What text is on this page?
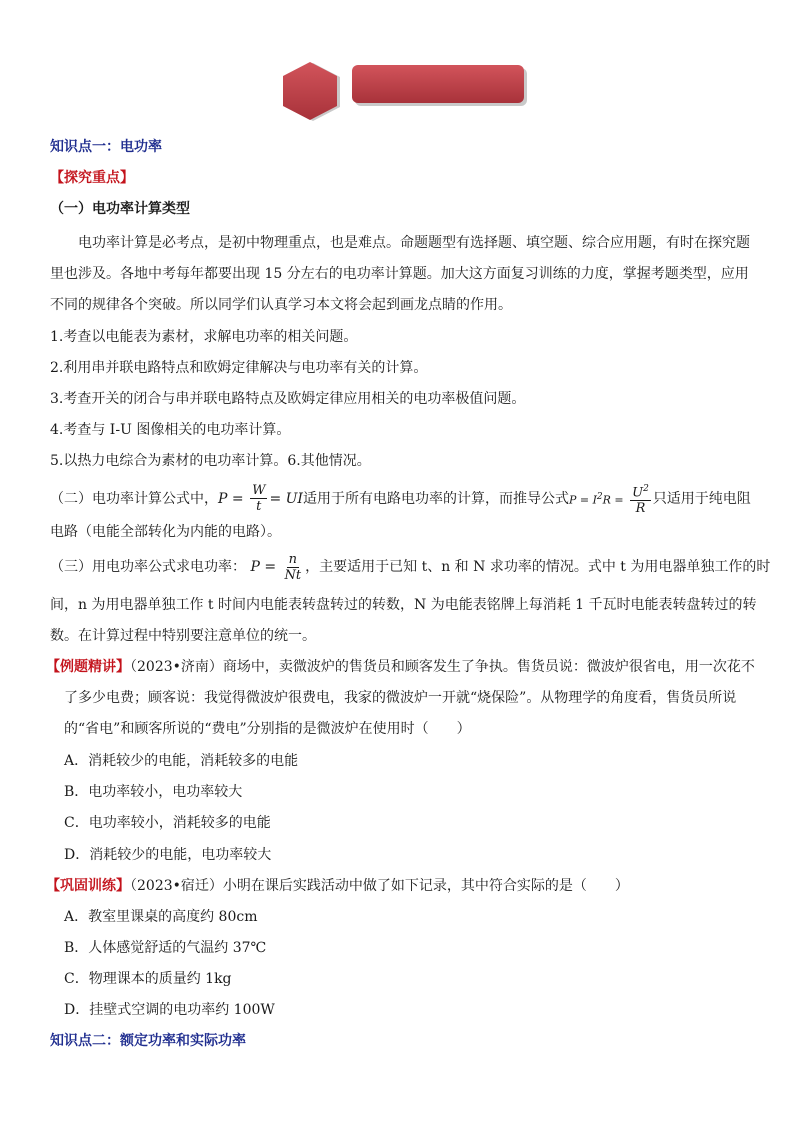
03	探究提升
知识点一：电功率
【探究重点】
（一）电功率计算类型
电功率计算是必考点，是初中物理重点，也是难点。命题题型有选择题、填空题、综合应用题，有时在探究题
里也涉及。各地中考每年都要出现 15 分左右的电功率计算题。加大这方面复习训练的力度，掌握考题类型，应用
不同的规律各个突破。所以同学们认真学习本文将会起到画龙点睛的作用。
1.考查以电能表为素材，求解电功率的相关问题。
2.利用串并联电路特点和欧姆定律解决与电功率有关的计算。
3.考查开关的闭合与串并联电路特点及欧姆定律应用相关的电功率极值问题。
4.考查与 I-U 图像相关的电功率计算。
5.以热力电综合为素材的电功率计算。6.其他情况。
（二）电功率计算公式中，$P = \frac{W}{t}$ = UI适用于所有电路电功率的计算，而推导公式$P = I^2R = \frac{U^2}{R}$ 只适用于纯电阻
电路（电能全部转化为内能的电路）。
（三）用电功率公式求电功率： $P = \frac{n}{Nt}$ ，主要适用于已知 t、n 和 N 求功率的情况。式中 t 为用电器单独工作的时
间，n 为用电器单独工作 t 时间内电能表转盘转过的转数，N 为电能表铭牌上每消耗 1 千瓦时电能表转盘转过的转
数。在计算过程中特别要注意单位的统一。
【例题精讲】（2023•济南）商场中，卖微波炉的售货员和顾客发生了争执。售货员说：微波炉很省电，用一次花不
了多少电费；顾客说：我觉得微波炉很费电，我家的微波炉一开就“烧保险”。从物理学的角度看，售货员所说
的“省电”和顾客所说的“费电”分别指的是微波炉在使用时（　　）
A．消耗较少的电能，消耗较多的电能
B．电功率较小，电功率较大
C．电功率较小，消耗较多的电能
D．消耗较少的电能，电功率较大
【巩固训练】（2023•宿迁）小明在课后实践活动中做了如下记录，其中符合实际的是（　　）
A．教室里课桌的高度约 80cm
B．人体感觉舒适的气温约 37℃
C．物理课本的质量约 1kg
D．挂壁式空调的电功率约 100W
知识点二：额定功率和实际功率
